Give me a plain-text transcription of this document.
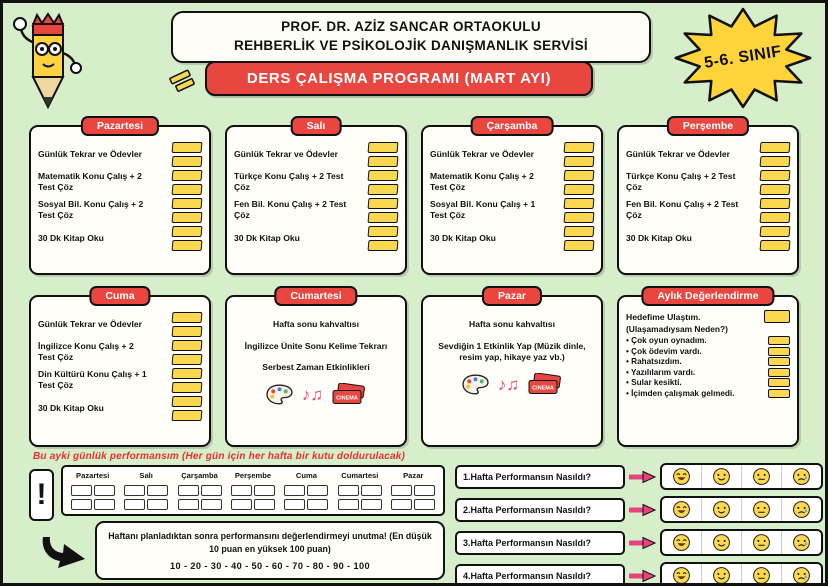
PROF. DR. AZİZ SANCAR ORTAOKULU
REHBERLİK VE PSİKOLOJİK DANIŞMANLIK SERVİSİ
DERS ÇALIŞMA PROGRAMI (MART AYI)
5-6. SINIF
Pazartesi
Günlük Tekrar ve Ödevler
Matematik Konu Çalış + 2 Test Çöz
Sosyal Bil. Konu Çalış + 2 Test Çöz
30 Dk Kitap Oku
Salı
Günlük Tekrar ve Ödevler
Türkçe Konu Çalış + 2 Test Çöz
Fen Bil. Konu Çalış + 2 Test Çöz
30 Dk Kitap Oku
Çarşamba
Günlük Tekrar ve Ödevler
Matematik Konu Çalış + 2 Test Çöz
Sosyal Bil. Konu Çalış + 1 Test Çöz
30 Dk Kitap Oku
Perşembe
Günlük Tekrar ve Ödevler
Türkçe Konu Çalış + 2 Test Çöz
Fen Bil. Konu Çalış + 2 Test Çöz
30 Dk Kitap Oku
Cuma
Günlük Tekrar ve Ödevler
İngilizce Konu Çalış + 2 Test Çöz
Din Kültürü Konu Çalış + 1 Test Çöz
30 Dk Kitap Oku
Cumartesi
Hafta sonu kahvaltısı
İngilizce Ünite Sonu Kelime Tekrarı
Serbest Zaman Etkinlikleri
♪♫ CINEMA
Pazar
Hafta sonu kahvaltısı
Sevdiğin 1 Etkinlik Yap (Müzik dinle, resim yap, hikaye yaz vb.)
♪♫ CINEMA
Aylık Değerlendirme
Hedefime Ulaştım.
(Ulaşamadıysam Neden?)
• Çok oyun oynadım.
• Çok ödevim vardı.
• Rahatsızdım.
• Yazılılarım vardı.
• Sular kesikti.
• İçimden çalışmak gelmedi.
Bu ayki günlük performansım (Her gün için her hafta bir kutu doldurulacak)
!
Pazartesi	Salı	Çarşamba	Perşembe	Cuma	Cumartesi	Pazar
Haftanı planladıktan sonra performansını değerlendirmeyi unutma! (En düşük 10 puan en yüksek 100 puan)
10 - 20 - 30 - 40 - 50 - 60 - 70 - 80 - 90 - 100
1.Hafta Performansın Nasıldı?
2.Hafta Performansın Nasıldı?
3.Hafta Performansın Nasıldı?
4.Hafta Performansın Nasıldı?
